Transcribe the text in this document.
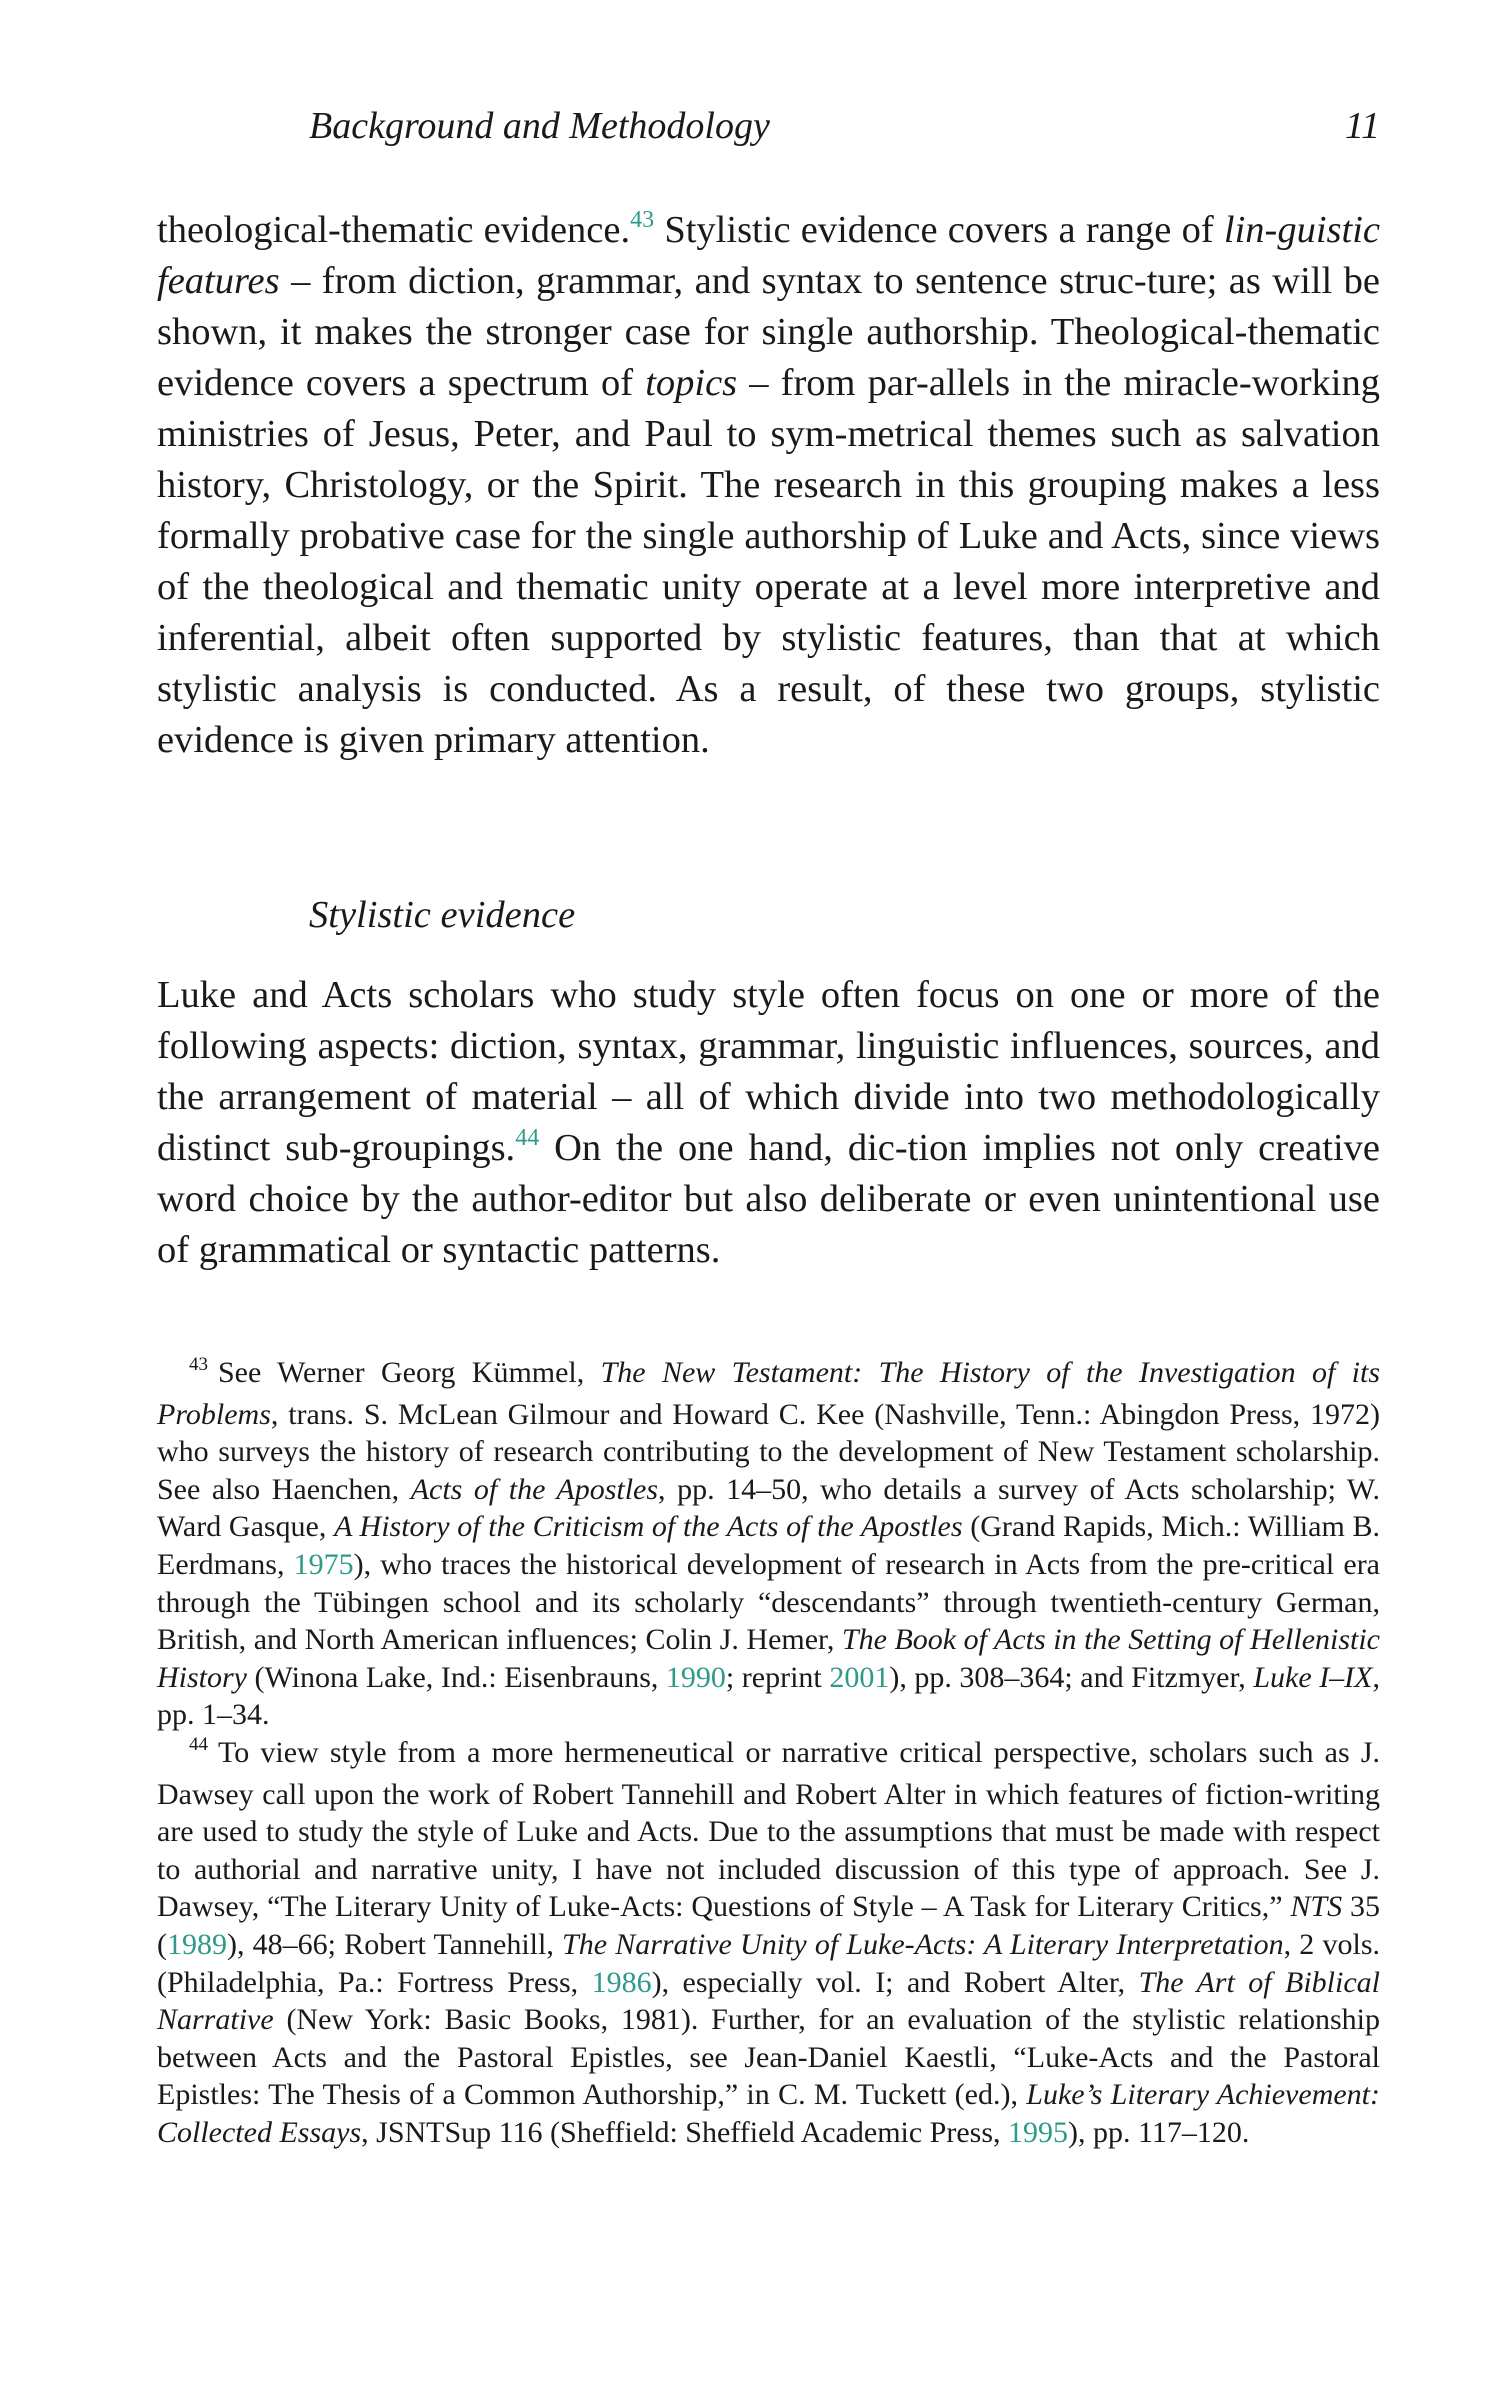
Background and Methodology	11

theological-thematic evidence.$^{43}$ Stylistic evidence covers a range of lin-guistic features – from diction, grammar, and syntax to sentence struc-ture; as will be shown, it makes the stronger case for single authorship. Theological-thematic evidence covers a spectrum of topics – from par-allels in the miracle-working ministries of Jesus, Peter, and Paul to sym-metrical themes such as salvation history, Christology, or the Spirit. The research in this grouping makes a less formally probative case for the single authorship of Luke and Acts, since views of the theological and thematic unity operate at a level more interpretive and inferential, albeit often supported by stylistic features, than that at which stylistic analysis is conducted. As a result, of these two groups, stylistic evidence is given primary attention.

Stylistic evidence

Luke and Acts scholars who study style often focus on one or more of the following aspects: diction, syntax, grammar, linguistic influences, sources, and the arrangement of material – all of which divide into two methodologically distinct sub-groupings.$^{44}$ On the one hand, dic-tion implies not only creative word choice by the author-editor but also deliberate or even unintentional use of grammatical or syntactic patterns.

$^{43}$ See Werner Georg Kümmel, The New Testament: The History of the Investigation of its Problems, trans. S. McLean Gilmour and Howard C. Kee (Nashville, Tenn.: Abingdon Press, 1972) who surveys the history of research contributing to the development of New Testament scholarship. See also Haenchen, Acts of the Apostles, pp. 14–50, who details a survey of Acts scholarship; W. Ward Gasque, A History of the Criticism of the Acts of the Apostles (Grand Rapids, Mich.: William B. Eerdmans, 1975), who traces the historical development of research in Acts from the pre-critical era through the Tübingen school and its scholarly “descendants” through twentieth-century German, British, and North American influences; Colin J. Hemer, The Book of Acts in the Setting of Hellenistic History (Winona Lake, Ind.: Eisenbrauns, 1990; reprint 2001), pp. 308–364; and Fitzmyer, Luke I–IX, pp. 1–34.

$^{44}$ To view style from a more hermeneutical or narrative critical perspective, scholars such as J. Dawsey call upon the work of Robert Tannehill and Robert Alter in which features of fiction-writing are used to study the style of Luke and Acts. Due to the assumptions that must be made with respect to authorial and narrative unity, I have not included discussion of this type of approach. See J. Dawsey, “The Literary Unity of Luke-Acts: Questions of Style – A Task for Literary Critics,” NTS 35 (1989), 48–66; Robert Tannehill, The Narrative Unity of Luke-Acts: A Literary Interpretation, 2 vols. (Philadelphia, Pa.: Fortress Press, 1986), especially vol. I; and Robert Alter, The Art of Biblical Narrative (New York: Basic Books, 1981). Further, for an evaluation of the stylistic relationship between Acts and the Pastoral Epistles, see Jean-Daniel Kaestli, “Luke-Acts and the Pastoral Epistles: The Thesis of a Common Authorship,” in C. M. Tuckett (ed.), Luke’s Literary Achievement: Collected Essays, JSNTSup 116 (Sheffield: Sheffield Academic Press, 1995), pp. 117–120.
